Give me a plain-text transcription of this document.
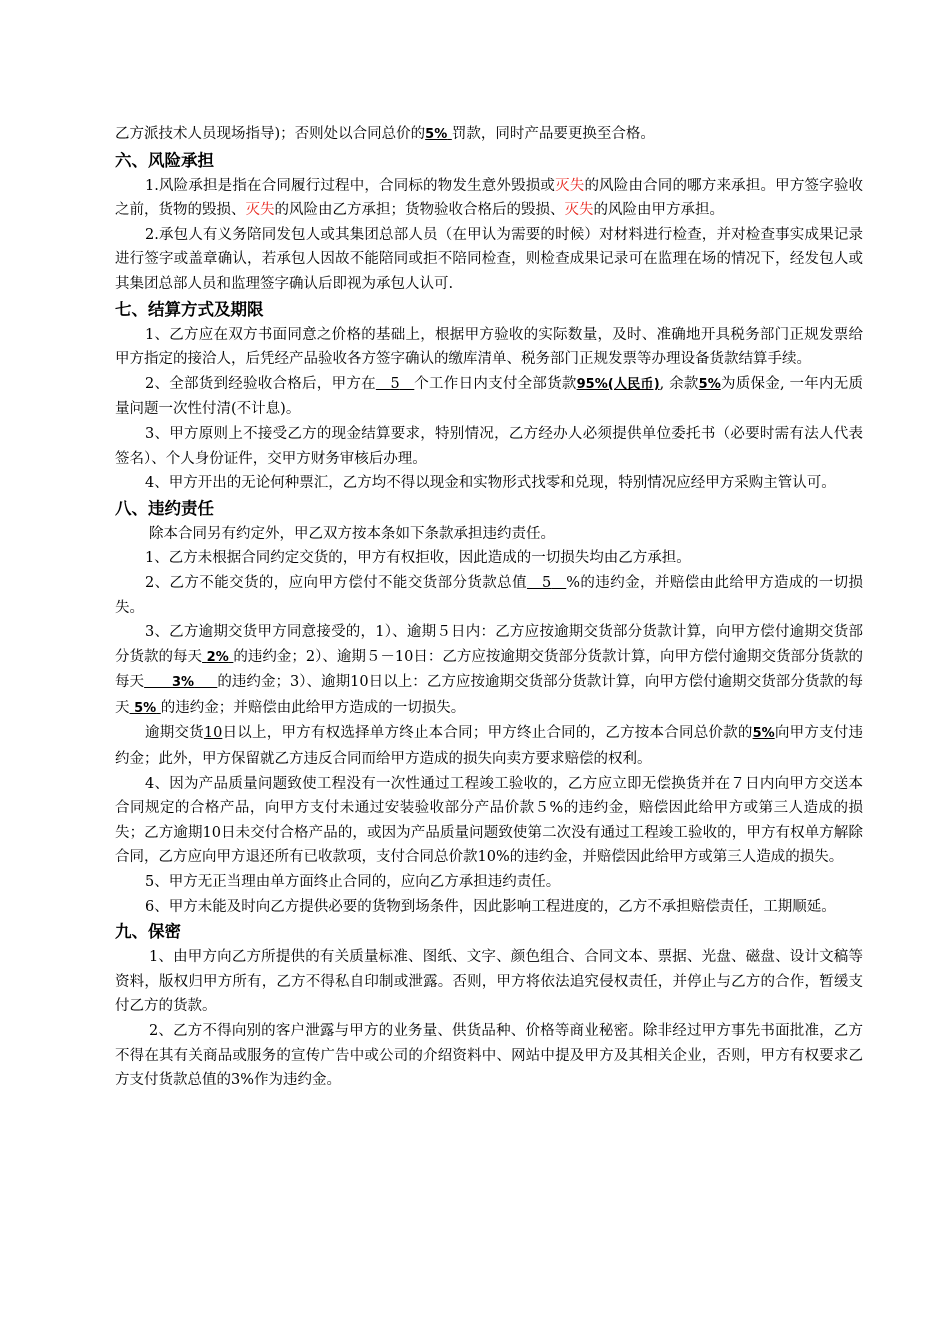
乙方派技术人员现场指导)；否则处以合同总价的5% 罚款，同时产品要更换至合格。

六、风险承担

1.风险承担是指在合同履行过程中，合同标的物发生意外毁损或灭失的风险由合同的哪方来承担。甲方签字验收之前，货物的毁损、灭失的风险由乙方承担；货物验收合格后的毁损、灭失的风险由甲方承担。

2.承包人有义务陪同发包人或其集团总部人员（在甲认为需要的时候）对材料进行检查，并对检查事实成果记录进行签字或盖章确认，若承包人因故不能陪同或拒不陪同检查，则检查成果记录可在监理在场的情况下，经发包人或其集团总部人员和监理签字确认后即视为承包人认可.

七、结算方式及期限

1、乙方应在双方书面同意之价格的基础上，根据甲方验收的实际数量，及时、准确地开具税务部门正规发票给甲方指定的接洽人，后凭经产品验收各方签字确认的缴库清单、税务部门正规发票等办理设备货款结算手续。

2、全部货到经验收合格后，甲方在 5 个工作日内支付全部货款95%(人民币), 余款5%为质保金, 一年内无质量问题一次性付清(不计息)。

3、甲方原则上不接受乙方的现金结算要求，特别情况，乙方经办人必须提供单位委托书（必要时需有法人代表签名）、个人身份证件，交甲方财务审核后办理。

4、甲方开出的无论何种票汇，乙方均不得以现金和实物形式找零和兑现，特别情况应经甲方采购主管认可。

八、违约责任

除本合同另有约定外，甲乙双方按本条如下条款承担违约责任。

1、乙方未根据合同约定交货的，甲方有权拒收，因此造成的一切损失均由乙方承担。

2、乙方不能交货的，应向甲方偿付不能交货部分货款总值 5 %的违约金，并赔偿由此给甲方造成的一切损失。

3、乙方逾期交货甲方同意接受的，1）、逾期５日内：乙方应按逾期交货部分货款计算，向甲方偿付逾期交货部分货款的每天 2% 的违约金；2）、逾期５－10日：乙方应按逾期交货部分货款计算，向甲方偿付逾期交货部分货款的每天 3% 的违约金；3）、逾期10日以上：乙方应按逾期交货部分货款计算，向甲方偿付逾期交货部分货款的每天 5% 的违约金；并赔偿由此给甲方造成的一切损失。

逾期交货10日以上，甲方有权选择单方终止本合同；甲方终止合同的，乙方按本合同总价款的5%向甲方支付违约金；此外，甲方保留就乙方违反合同而给甲方造成的损失向卖方要求赔偿的权利。

4、因为产品质量问题致使工程没有一次性通过工程竣工验收的，乙方应立即无偿换货并在７日内向甲方交送本合同规定的合格产品，向甲方支付未通过安装验收部分产品价款５%的违约金，赔偿因此给甲方或第三人造成的损失；乙方逾期10日未交付合格产品的，或因为产品质量问题致使第二次没有通过工程竣工验收的，甲方有权单方解除合同，乙方应向甲方退还所有已收款项，支付合同总价款10%的违约金，并赔偿因此给甲方或第三人造成的损失。

5、甲方无正当理由单方面终止合同的，应向乙方承担违约责任。

6、甲方未能及时向乙方提供必要的货物到场条件，因此影响工程进度的，乙方不承担赔偿责任，工期顺延。

九、保密

1、由甲方向乙方所提供的有关质量标准、图纸、文字、颜色组合、合同文本、票据、光盘、磁盘、设计文稿等资料，版权归甲方所有，乙方不得私自印制或泄露。否则，甲方将依法追究侵权责任，并停止与乙方的合作，暂缓支付乙方的货款。

2、乙方不得向别的客户泄露与甲方的业务量、供货品种、价格等商业秘密。除非经过甲方事先书面批准，乙方不得在其有关商品或服务的宣传广告中或公司的介绍资料中、网站中提及甲方及其相关企业，否则，甲方有权要求乙方支付货款总值的3%作为违约金。
